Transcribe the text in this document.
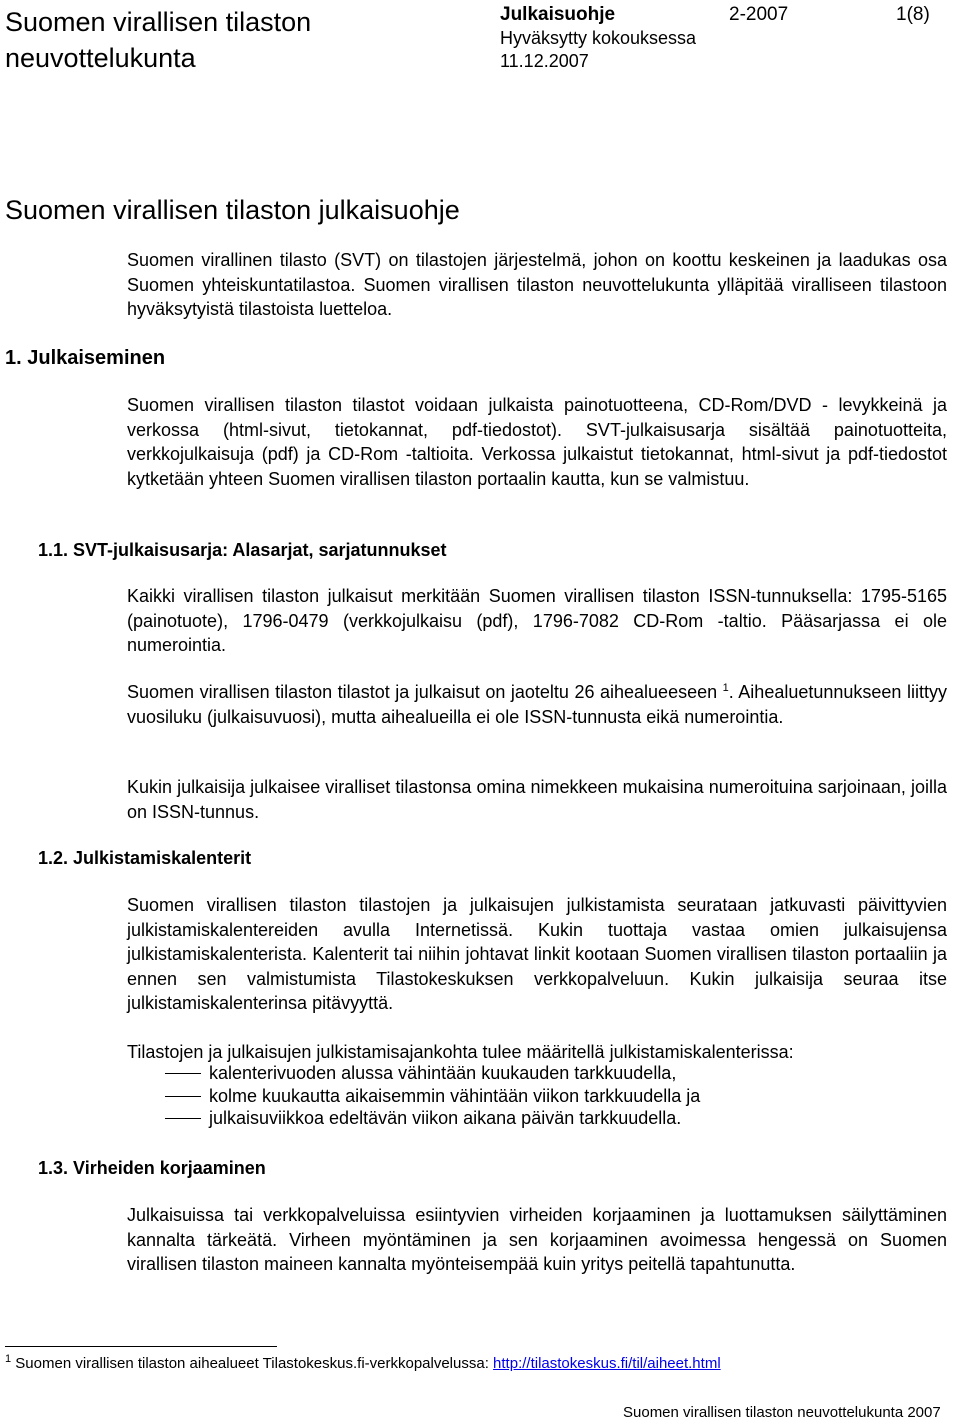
Suomen virallisen tilaston neuvottelukunta
Julkaisuohje
Hyväksytty kokouksessa 11.12.2007
2-2007	1(8)
Suomen virallisen tilaston julkaisuohje

Suomen virallinen tilasto (SVT) on tilastojen järjestelmä, johon on koottu keskeinen ja laadukas osa Suomen yhteiskuntatilastoa. Suomen virallisen tilaston neuvottelukunta ylläpitää viralliseen tilastoon hyväksytyistä tilastoista luetteloa.

1. Julkaiseminen

Suomen virallisen tilaston tilastot voidaan julkaista painotuotteena, CD-Rom/DVD - levykkeinä ja verkossa (html-sivut, tietokannat, pdf-tiedostot). SVT-julkaisusarja sisältää painotuotteita, verkkojulkaisuja (pdf) ja CD-Rom -taltioita. Verkossa julkaistut tietokannat, html-sivut ja pdf-tiedostot kytketään yhteen Suomen virallisen tilaston portaalin kautta, kun se valmistuu.

1.1. SVT-julkaisusarja: Alasarjat, sarjatunnukset

Kaikki virallisen tilaston julkaisut merkitään Suomen virallisen tilaston ISSN-tunnuksella: 1795-5165 (painotuote), 1796-0479 (verkkojulkaisu (pdf), 1796-7082 CD-Rom -taltio. Pääsarjassa ei ole numerointia.

Suomen virallisen tilaston tilastot ja julkaisut on jaoteltu 26 aihealueeseen $^1$. Aihealuetunnukseen liittyy vuosiluku (julkaisuvuosi), mutta aihealueilla ei ole ISSN-tunnusta eikä numerointia.

Kukin julkaisija julkaisee viralliset tilastonsa omina nimekkeen mukaisina numeroituina sarjoinaan, joilla on ISSN-tunnus.

1.2. Julkistamiskalenterit

Suomen virallisen tilaston tilastojen ja julkaisujen julkistamista seurataan jatkuvasti päivittyvien julkistamiskalentereiden avulla Internetissä. Kukin tuottaja vastaa omien julkaisujensa julkistamiskalenterista. Kalenterit tai niihin johtavat linkit kootaan Suomen virallisen tilaston portaaliin ja ennen sen valmistumista Tilastokeskuksen verkkopalveluun. Kukin julkaisija seuraa itse julkistamiskalenterinsa pitävyyttä.

Tilastojen ja julkaisujen julkistamisajankohta tulee määritellä julkistamiskalenterissa:

kalenterivuoden alussa vähintään kuukauden tarkkuudella,
kolme kuukautta aikaisemmin vähintään viikon tarkkuudella ja
julkaisuviikkoa edeltävän viikon aikana päivän tarkkuudella.
1.3. Virheiden korjaaminen

Julkaisuissa tai verkkopalveluissa esiintyvien virheiden korjaaminen ja luottamuksen säilyttäminen kannalta tärkeätä. Virheen myöntäminen ja sen korjaaminen avoimessa hengessä on Suomen virallisen tilaston maineen kannalta myönteisempää kuin yritys peitellä tapahtunutta.

$^1$ Suomen virallisen tilaston aihealueet Tilastokeskus.fi-verkkopalvelussa: http://tilastokeskus.fi/til/aiheet.html
Suomen virallisen tilaston neuvottelukunta 2007
